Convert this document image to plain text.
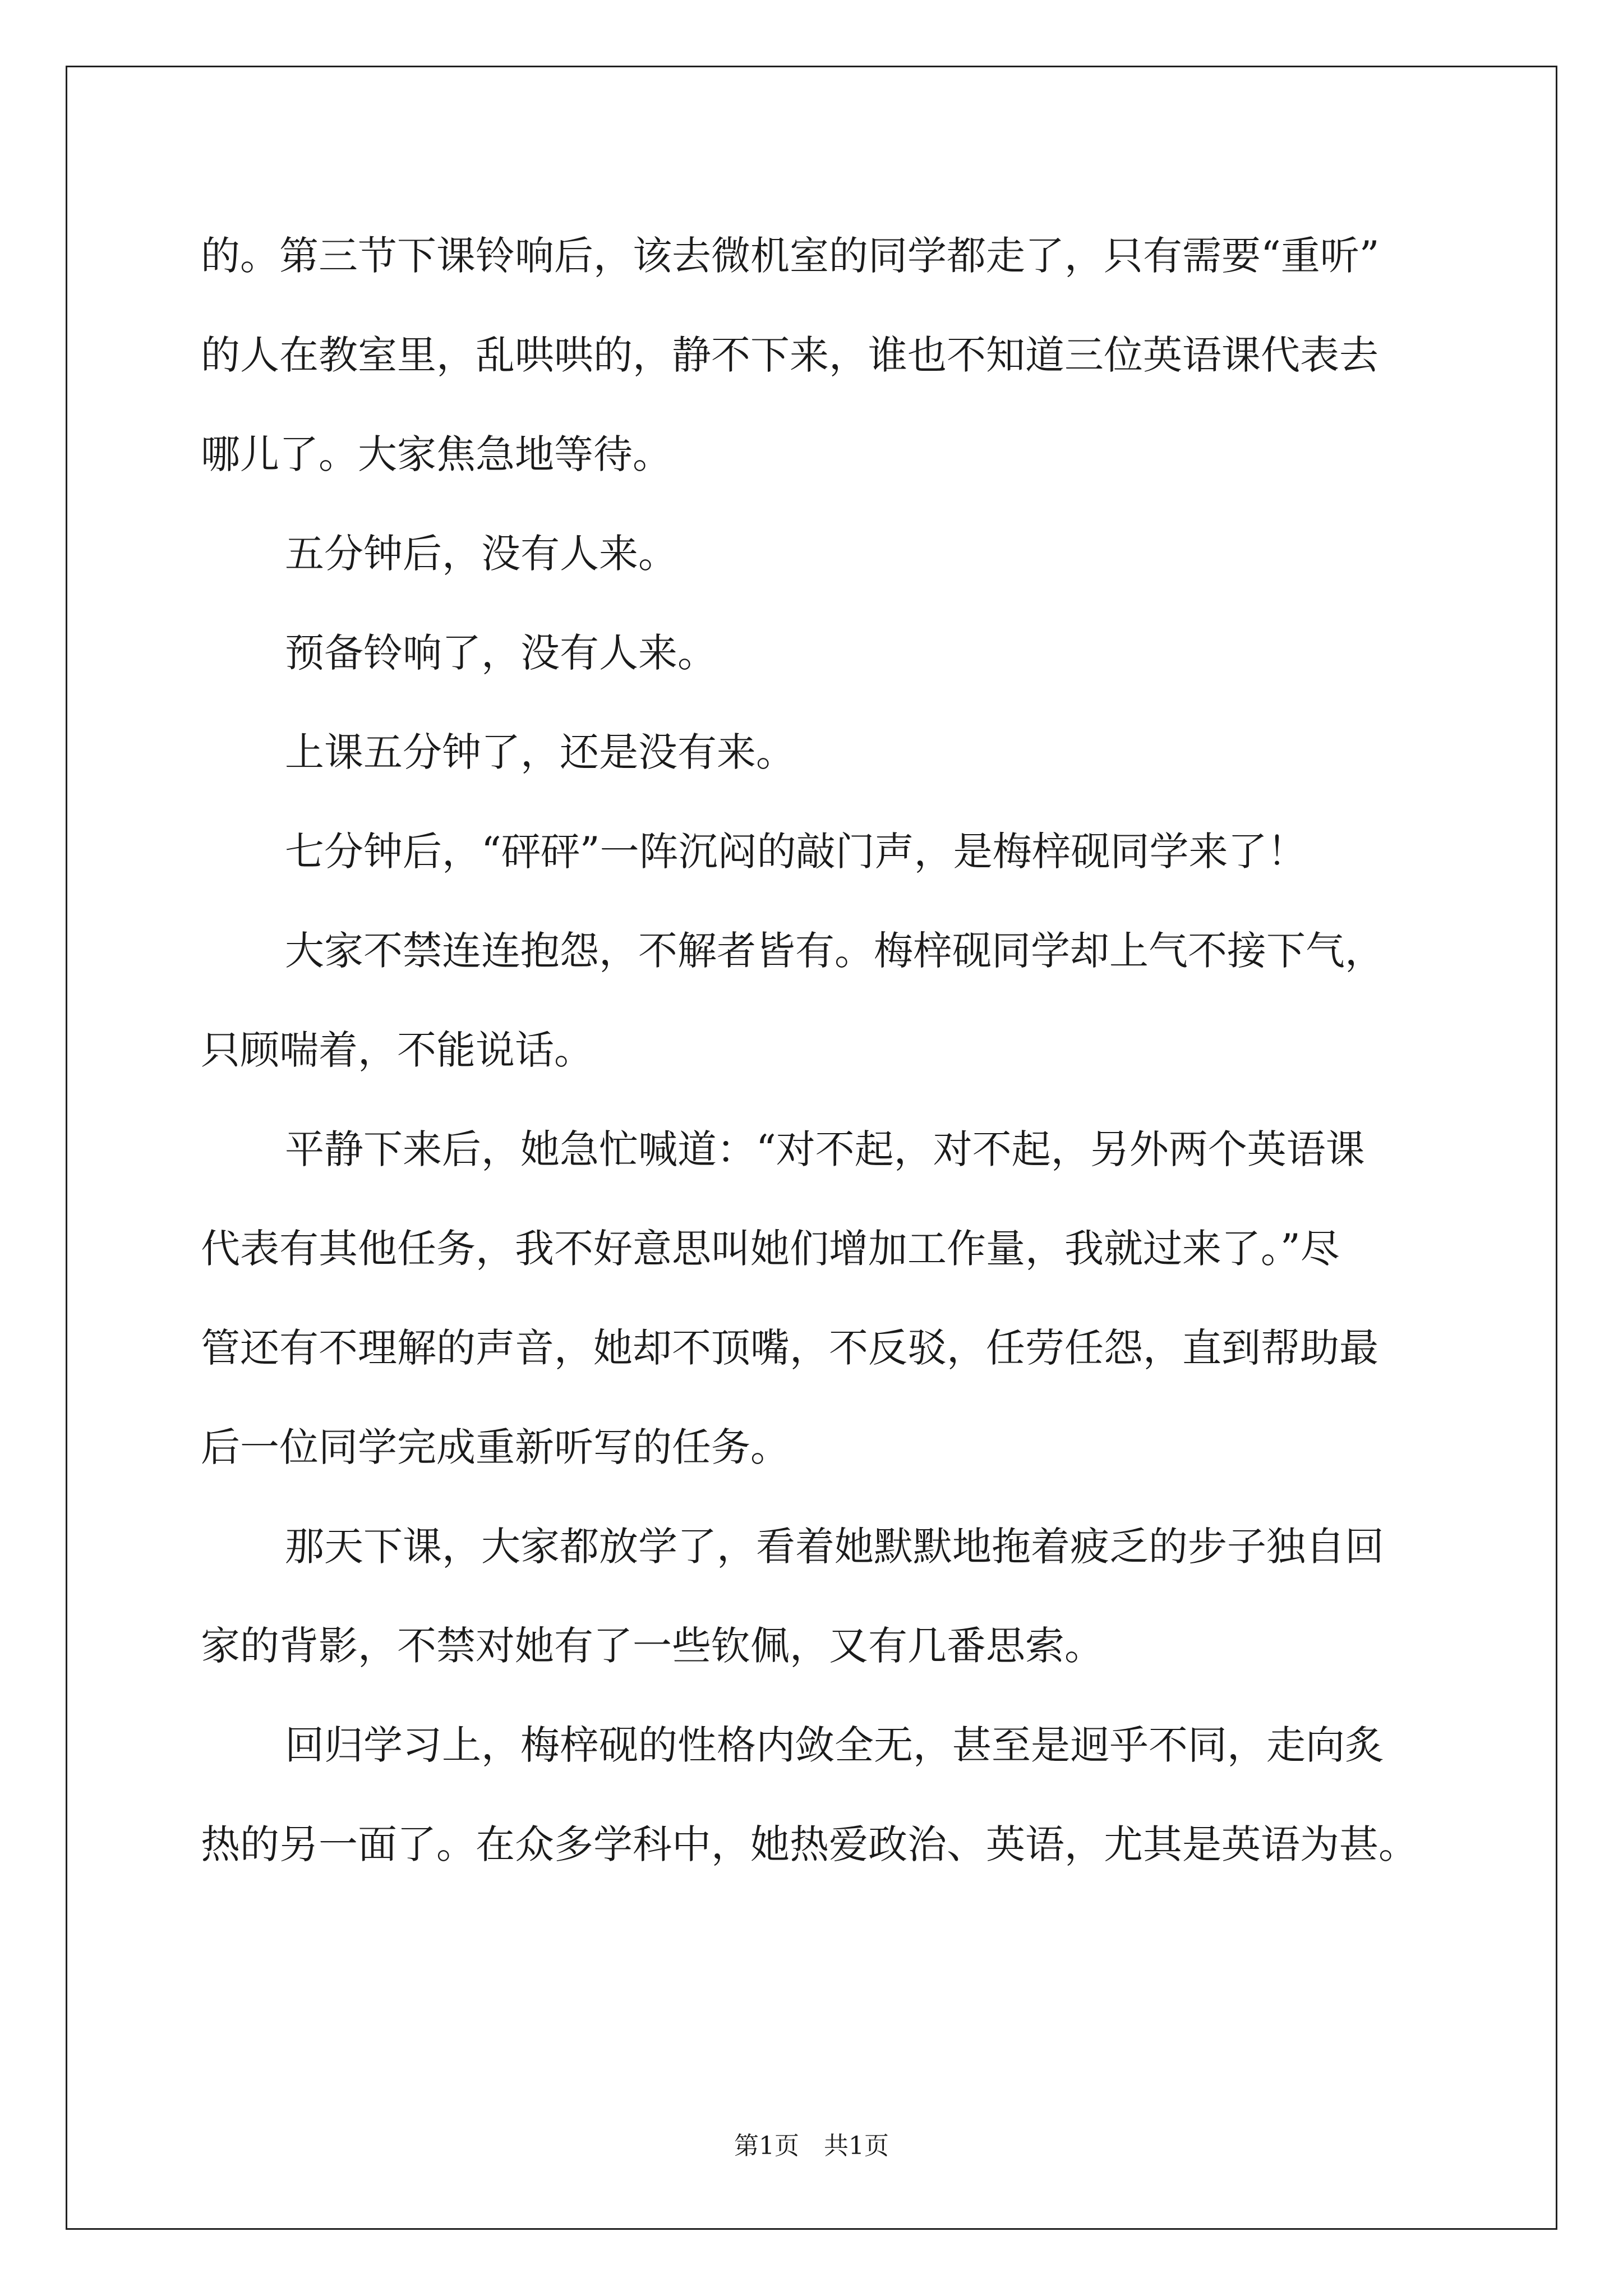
的。第三节下课铃响后，该去微机室的同学都走了，只有需要“重听”
的人在教室里，乱哄哄的，静不下来，谁也不知道三位英语课代表去
哪儿了。大家焦急地等待。
五分钟后，没有人来。
预备铃响了，没有人来。
上课五分钟了，还是没有来。
七分钟后，“砰砰”一阵沉闷的敲门声，是梅梓砚同学来了！
大家不禁连连抱怨，不解者皆有。梅梓砚同学却上气不接下气，
只顾喘着，不能说话。
平静下来后，她急忙喊道：“对不起，对不起，另外两个英语课
代表有其他任务，我不好意思叫她们增加工作量，我就过来了。”尽
管还有不理解的声音，她却不顶嘴，不反驳，任劳任怨，直到帮助最
后一位同学完成重新听写的任务。
那天下课，大家都放学了，看着她默默地拖着疲乏的步子独自回
家的背影，不禁对她有了一些钦佩，又有几番思索。
回归学习上，梅梓砚的性格内敛全无，甚至是迥乎不同，走向炙
热的另一面了。在众多学科中，她热爱政治、英语，尤其是英语为甚。
第1页　共1页
